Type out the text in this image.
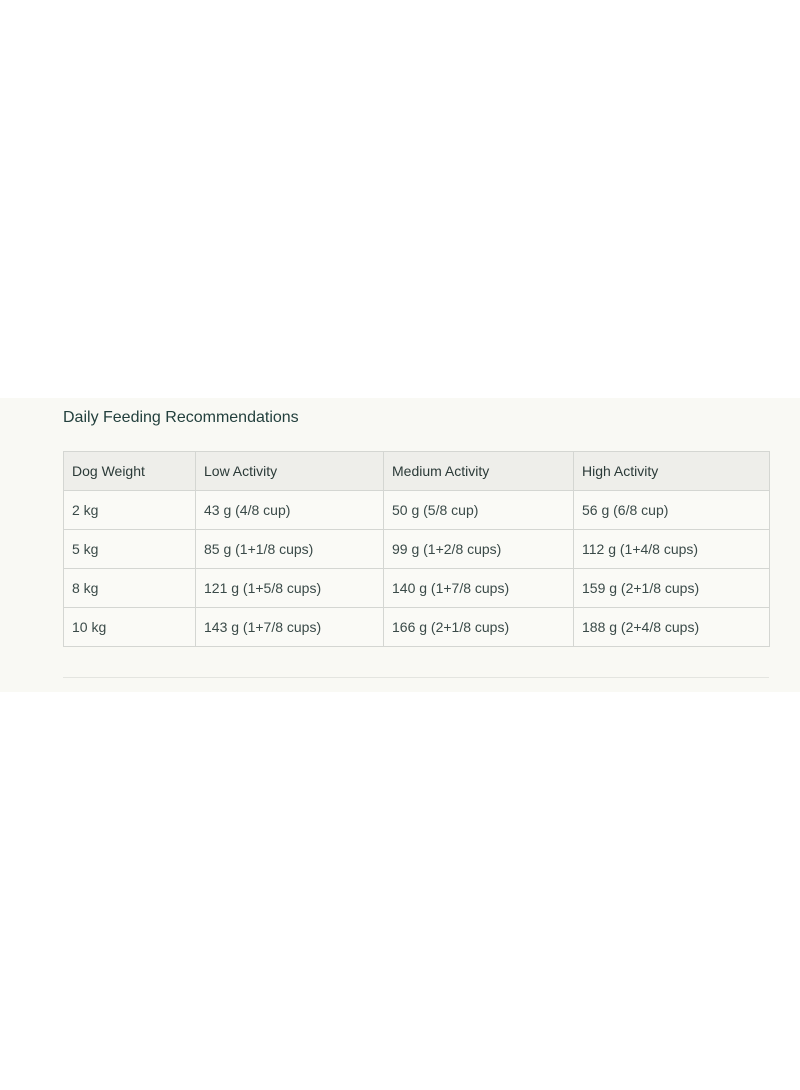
Daily Feeding Recommendations
Dog Weight	Low Activity	Medium Activity	High Activity
2 kg	43 g (4/8 cup)	50 g (5/8 cup)	56 g (6/8 cup)
5 kg	85 g (1+1/8 cups)	99 g (1+2/8 cups)	112 g (1+4/8 cups)
8 kg	121 g (1+5/8 cups)	140 g (1+7/8 cups)	159 g (2+1/8 cups)
10 kg	143 g (1+7/8 cups)	166 g (2+1/8 cups)	188 g (2+4/8 cups)
